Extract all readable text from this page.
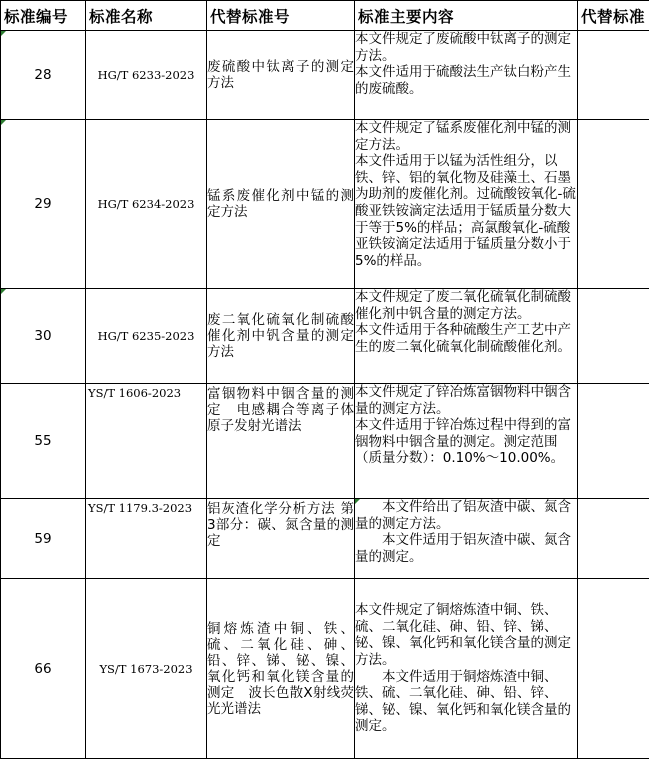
标准编号	标准名称	代替标准号	标准主要内容	代替标准

28	HG/T 6233-2023	废硫酸中钛离子的测定方法	本文件规定了废硫酸中钛离子的测定方法。

本文件适用于硫酸法生产钛白粉产生的废硫酸。	

29	HG/T 6234-2023	锰系废催化剂中锰的测定方法	本文件规定了锰系废催化剂中锰的测定方法。

本文件适用于以锰为活性组分，以铁、锌、铝的氧化物及硅藻土、石墨为助剂的废催化剂。过硫酸铵氧化-硫酸亚铁铵滴定法适用于锰质量分数大于等于5%的样品；高氯酸氧化-硫酸亚铁铵滴定法适用于锰质量分数小于5%的样品。	

30	HG/T 6235-2023	废二氧化硫氧化制硫酸催化剂中钒含量的测定方法	本文件规定了废二氧化硫氧化制硫酸催化剂中钒含量的测定方法。

本文件适用于各种硫酸生产工艺中产生的废二氧化硫氧化制硫酸催化剂。	

55	YS/T 1606-2023	富铟物料中铟含量的测定　电感耦合等离子体原子发射光谱法	本文件规定了锌冶炼富铟物料中铟含量的测定方法。

本文件适用于锌冶炼过程中得到的富铟物料中铟含量的测定。测定范围（质量分数）：0.10%～10.00%。	

59	YS/T 1179.3-2023	铝灰渣化学分析方法 第3部分：碳、氮含量的测定	本文件给出了铝灰渣中碳、氮含量的测定方法。

本文件适用于铝灰渣中碳、氮含量的测定。	

66	YS/T 1673-2023	铜熔炼渣中铜、铁、硫、二氧化硅、砷、铅、锌、锑、铋、镍、氧化钙和氧化镁含量的测定　波长色散X射线荧光光谱法	本文件规定了铜熔炼渣中铜、铁、硫、二氧化硅、砷、铅、锌、锑、铋、镍、氧化钙和氧化镁含量的测定方法。

本文件适用于铜熔炼渣中铜、铁、硫、二氧化硅、砷、铅、锌、锑、铋、镍、氧化钙和氧化镁含量的测定。	
